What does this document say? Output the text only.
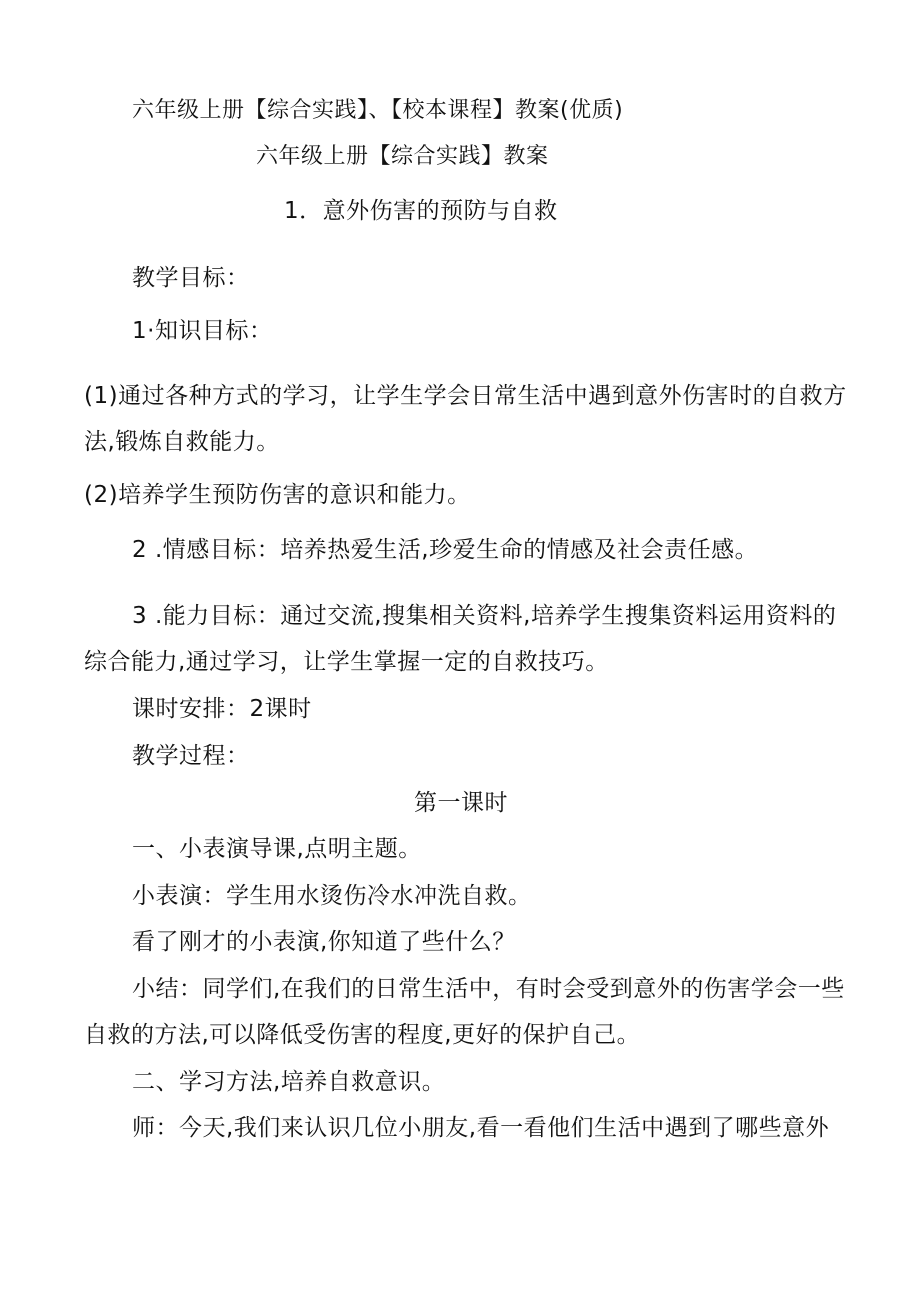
六年级上册【综合实践】、【校本课程】教案(优质)
六年级上册【综合实践】教案
1．意外伤害的预防与自救
教学目标：
1·知识目标：
(1)通过各种方式的学习，让学生学会日常生活中遇到意外伤害时的自救方
法,锻炼自救能力。
(2)培养学生预防伤害的意识和能力。
2 .情感目标：培养热爱生活,珍爱生命的情感及社会责任感。
3 .能力目标：通过交流,搜集相关资料,培养学生搜集资料运用资料的
综合能力,通过学习，让学生掌握一定的自救技巧。
课时安排：2课时
教学过程：
第一课时
一、小表演导课,点明主题。
小表演：学生用水烫伤冷水冲洗自救。
看了刚才的小表演,你知道了些什么？
小结：同学们,在我们的日常生活中，有时会受到意外的伤害学会一些
自救的方法,可以降低受伤害的程度,更好的保护自己。
二、学习方法,培养自救意识。
师：今天,我们来认识几位小朋友,看一看他们生活中遇到了哪些意外
